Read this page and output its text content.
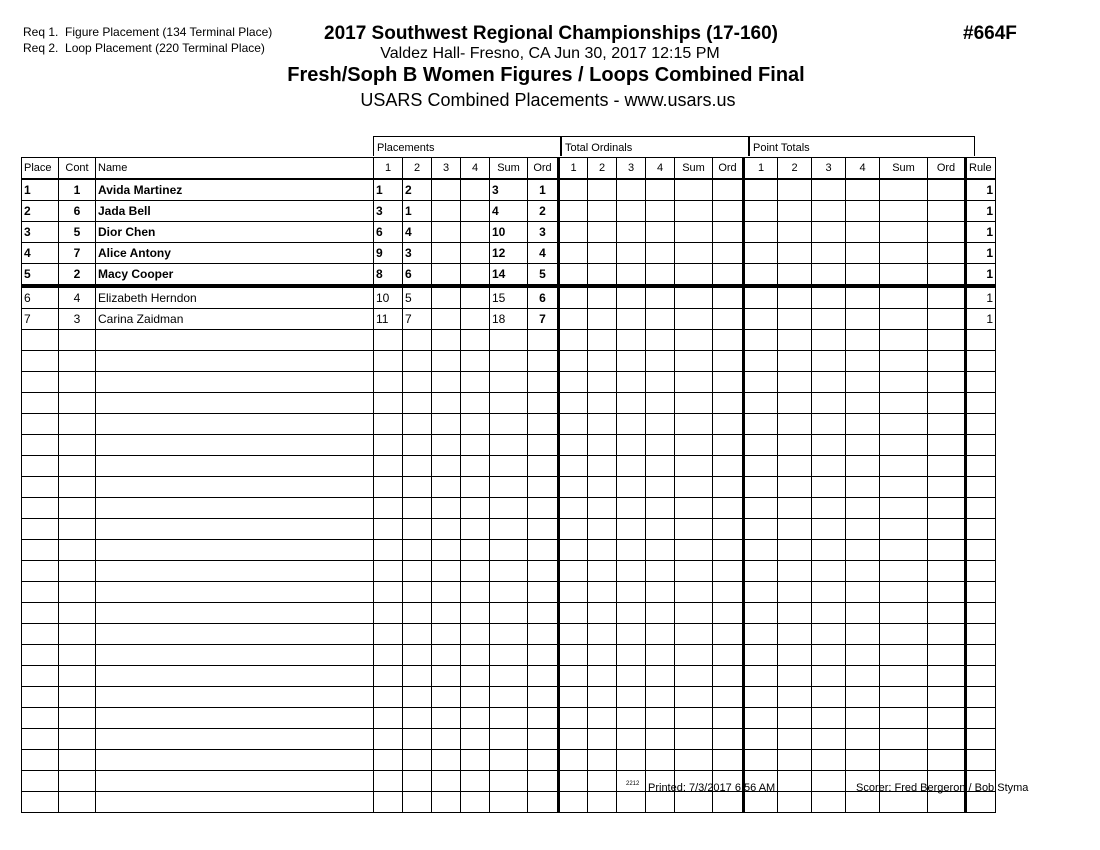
Req 1. Figure Placement (134 Terminal Place)
Req 2. Loop Placement (220 Terminal Place)
2017 Southwest Regional Championships (17-160)
Valdez Hall- Fresno, CA Jun 30, 2017 12:15 PM
Fresh/Soph B Women Figures / Loops Combined Final
USARS Combined Placements - www.usars.us
#664F
Placements	Total Ordinals	Point Totals
Place	Cont	Name	1	2	3	4	Sum	Ord	1	2	3	4	Sum	Ord	1	2	3	4	Sum	Ord	Rule
1	1	Avida Martinez	1	2			3	1													1
2	6	Jada Bell	3	1			4	2													1
3	5	Dior Chen	6	4			10	3													1
4	7	Alice Antony	9	3			12	4													1
5	2	Macy Cooper	8	6			14	5													1
6	4	Elizabeth Herndon	10	5			15	6													1
7	3	Carina Zaidman	11	7			18	7													1

2212 Printed: 7/3/2017 6:56 AM	Scorer: Fred Bergeron / Bob Styma
